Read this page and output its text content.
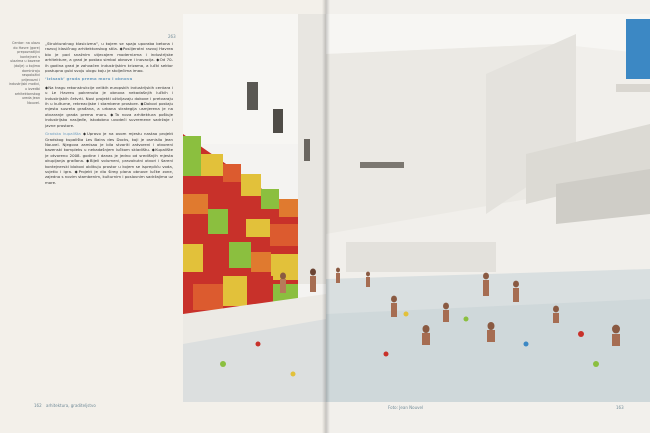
263
Centar: na ulazu do Havre (gore) prepoznatljivi kontejneri s ulazima u bazene (dolje) u kojima dominiraju raspoloživi prijevozni i industrijski motivi, u izvedbi arhitektonskog ureda Jean Nouvel.

„Strukturalnog klasicizma“, u kojem se spaja uporaba betona i razvoj klasičnog arhitektonskog stila. ◆Poslijeratni razvoj Havrea bio je pod snažnim utjecajem modernizma i industrijske arhitekture, a grad je postao simbol obnove i inovacija. ◆Od 70-ih godina grad je zahvaćen industrijskim krizama, a lučki sektor postupno gubi svoju ulogu koju je stoljećima imao.

‘Izlazak’ grada prema moru i obnova

◆Na tragu rekonstrukcije velikih europskih industrijskih centara i u Le Havreu pokrenuta je obnova nekadašnjih lučkih i industrijskih četvrti. Novi projekti oživljavaju dokove i pretvaraju ih u kulturne, rekreacijske i stambene prostore. ◆Dokovi postaju mjesto susreta građana, a urbana strategija usmjerena je na otvaranje grada prema moru. ◆Ta nova arhitektura poštuje industrijsko nasljeđe, istodobno uvodeći suvremene sadržaje i javne prostore.

Gradska kupališta ◆Upravo je na ovom mjestu nastao projekt Gradskog kupališta Les Bains des Docks, koji je osmislio Jean Nouvel. Njegova zamisao je bila stvoriti zatvoreni i otvoreni bazenski kompleks u nekadašnjem lučkom skladištu. ◆Kupalište je otvoreno 2008. godine i danas je jedno od središnjih mjesta okupljanja građana. ◆Bijeli volumeni, pravokutni otvori i šareni kontejnerski blokovi oblikuju prostor u kojem se isprepliću voda, svjetlo i igra. ◆Projekt je dio šireg plana obnove lučke zone, zajedno s novim stambenim, kulturnim i poslovnim sadržajima uz more.

162 arhitektura, graditeljstvo	Foto: Jean Nouvel	163
